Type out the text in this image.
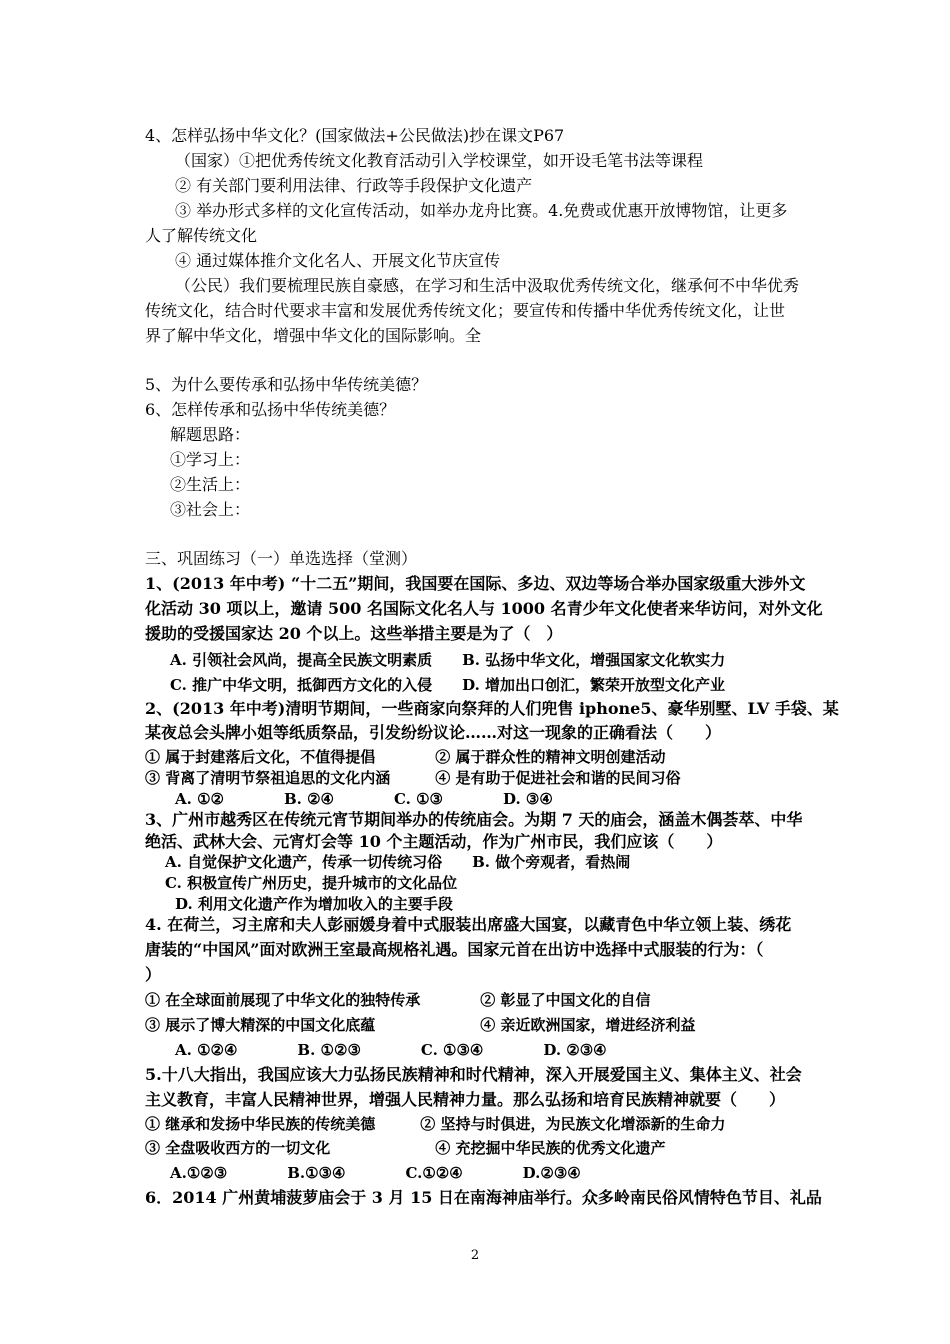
4、怎样弘扬中华文化？(国家做法+公民做法)抄在课文P67
（国家）①把优秀传统文化教育活动引入学校课堂，如开设毛笔书法等课程
② 有关部门要利用法律、行政等手段保护文化遗产
③ 举办形式多样的文化宣传活动，如举办龙舟比赛。4.免费或优惠开放博物馆，让更多
人了解传统文化
④ 通过媒体推介文化名人、开展文化节庆宣传
（公民）我们要梳理民族自豪感，在学习和生活中汲取优秀传统文化，继承何不中华优秀
传统文化，结合时代要求丰富和发展优秀传统文化；要宣传和传播中华优秀传统文化，让世
界了解中华文化，增强中华文化的国际影响。全
5、为什么要传承和弘扬中华传统美德？
6、怎样传承和弘扬中华传统美德？
解题思路：
①学习上：
②生活上：
③社会上：
三、巩固练习（一）单选选择（堂测）
1、(2013 年中考) “十二五”期间，我国要在国际、多边、双边等场合举办国家级重大涉外文
化活动 30 项以上，邀请 500 名国际文化名人与 1000 名青少年文化使者来华访问，对外文化
援助的受援国家达 20 个以上。这些举措主要是为了（　）
A. 引领社会风尚，提高全民族文明素质　　B. 弘扬中华文化，增强国家文化软实力
C. 推广中华文明，抵御西方文化的入侵　　D. 增加出口创汇，繁荣开放型文化产业
2、(2013 年中考)清明节期间，一些商家向祭拜的人们兜售 iphone5、豪华别墅、LV 手袋、某
某夜总会头牌小姐等纸质祭品，引发纷纷议论……对这一现象的正确看法（　　）
① 属于封建落后文化，不值得提倡　　　　② 属于群众性的精神文明创建活动
③ 背离了清明节祭祖追思的文化内涵　　　④ 是有助于促进社会和谐的民间习俗
A. ①②　　　　B. ②④　　　　C. ①③　　　　D. ③④
3、广州市越秀区在传统元宵节期间举办的传统庙会。为期 7 天的庙会，涵盖木偶荟萃、中华
绝活、武林大会、元宵灯会等 10 个主题活动，作为广州市民，我们应该（　　）
A. 自觉保护文化遗产，传承一切传统习俗　　B. 做个旁观者，看热闹
C. 积极宣传广州历史，提升城市的文化品位
D. 利用文化遗产作为增加收入的主要手段
4. 在荷兰，习主席和夫人彭丽媛身着中式服装出席盛大国宴，以藏青色中华立领上装、绣花
唐装的“中国风”面对欧洲王室最高规格礼遇。国家元首在出访中选择中式服装的行为：（
）
① 在全球面前展现了中华文化的独特传承　　　　② 彰显了中国文化的自信
③ 展示了博大精深的中国文化底蕴　　　　　　　④ 亲近欧洲国家，增进经济利益
A. ①②④　　　　B. ①②③　　　　C. ①③④　　　　D. ②③④
5.十八大指出，我国应该大力弘扬民族精神和时代精神，深入开展爱国主义、集体主义、社会
主义教育，丰富人民精神世界，增强人民精神力量。那么弘扬和培育民族精神就要（　　）
① 继承和发扬中华民族的传统美德　　　② 坚持与时俱进，为民族文化增添新的生命力
③ 全盘吸收西方的一切文化　　　　　　　④ 充挖掘中华民族的优秀文化遗产
A.①②③　　　　B.①③④　　　　C.①②④　　　　D.②③④
6．2014 广州黄埔菠萝庙会于 3 月 15 日在南海神庙举行。众多岭南民俗风情特色节目、礼品
2
